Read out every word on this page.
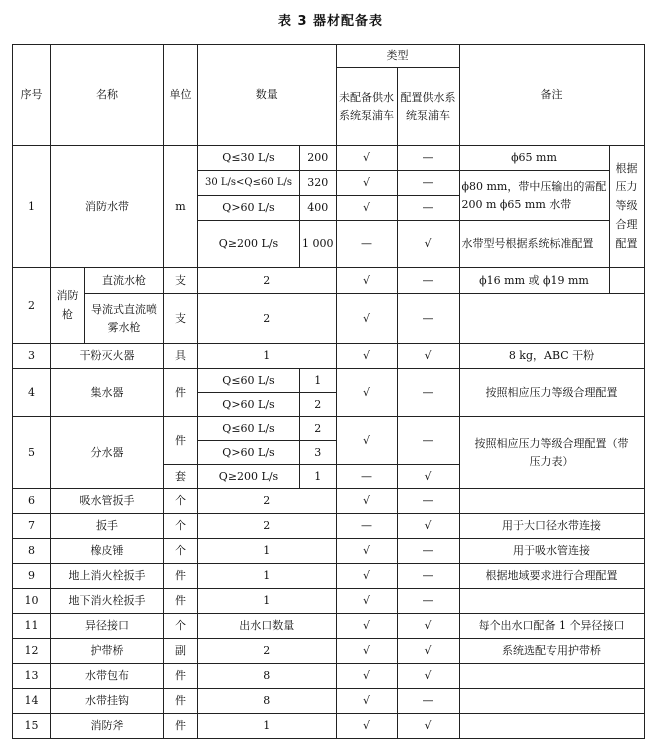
表 3 器材配备表
序号	名称		单位	数量		类型		备注	
						未配备供水系统泵浦车	配置供水系统泵浦车		
1	消防水带		m	Q≤30 L/s	200	√	—	ϕ65 mm	根据压力等级合理配置
				30 L/s<Q≤60 L/s	320	√	—	ϕ80 mm，带中压输出的需配 200 m ϕ65 mm 水带	
				Q>60 L/s	400	√	—		
				Q≥200 L/s	1 000	—	√	水带型号根据系统标准配置	
2	消防枪	直流水枪	支	2		√	—	ϕ16 mm 或 ϕ19 mm	
		导流式直流喷雾水枪	支	2		√	—		
3	干粉灭火器		具	1		√	√	8 kg，ABC 干粉	
4	集水器		件	Q≤60 L/s	1	√	—	按照相应压力等级合理配置	
				Q>60 L/s	2				
5	分水器		件	Q≤60 L/s	2	√	—	按照相应压力等级合理配置（带压力表）	
				Q>60 L/s	3				
			套	Q≥200 L/s	1	—	√		
6	吸水管扳手		个	2		√	—		
7	扳手		个	2		—	√	用于大口径水带连接	
8	橡皮锤		个	1		√	—	用于吸水管连接	
9	地上消火栓扳手		件	1		√	—	根据地域要求进行合理配置	
10	地下消火栓扳手		件	1		√	—		
11	异径接口		个	出水口数量		√	√	每个出水口配备 1 个异径接口	
12	护带桥		副	2		√	√	系统选配专用护带桥	
13	水带包布		件	8		√	√		
14	水带挂钩		件	8		√	—		
15	消防斧		件	1		√	√		
